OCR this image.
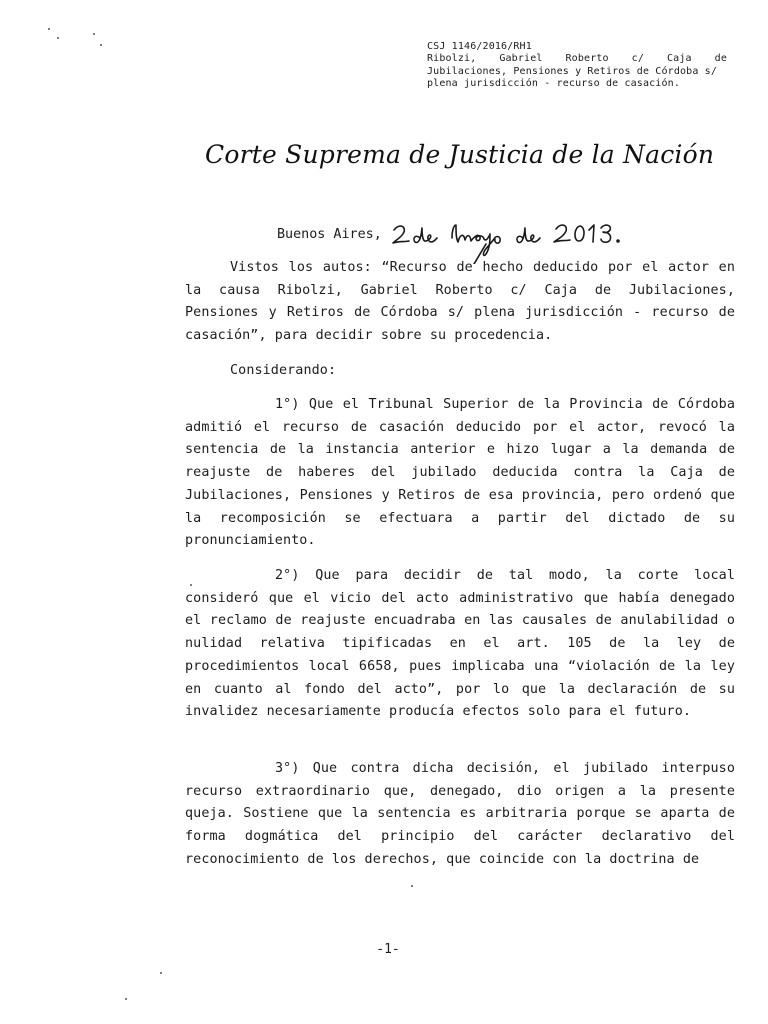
CSJ 1146/2016/RH1
Ribolzi, Gabriel Roberto c/ Caja de
Jubilaciones, Pensiones y Retiros de Córdoba s/
plena jurisdicción - recurso de casación.
Corte Suprema de Justicia de la Nación
Buenos Aires,

Vistos los autos: “Recurso de hecho deducido por el actor en la causa Ribolzi, Gabriel Roberto c/ Caja de Jubilaciones, Pensiones y Retiros de Córdoba s/ plena jurisdicción - recurso de casación”, para decidir sobre su procedencia.

Considerando:

1°) Que el Tribunal Superior de la Provincia de Córdoba admitió el recurso de casación deducido por el actor, revocó la sentencia de la instancia anterior e hizo lugar a la demanda de reajuste de haberes del jubilado deducida contra la Caja de Jubilaciones, Pensiones y Retiros de esa provincia, pero ordenó que la recomposición se efectuara a partir del dictado de su pronunciamiento.

2°) Que para decidir de tal modo, la corte local consideró que el vicio del acto administrativo que había denegado el reclamo de reajuste encuadraba en las causales de anulabilidad o nulidad relativa tipificadas en el art. 105 de la ley de procedimientos local 6658, pues implicaba una “violación de la ley en cuanto al fondo del acto”, por lo que la declaración de su invalidez necesariamente producía efectos solo para el futuro.

3°) Que contra dicha decisión, el jubilado interpuso recurso extraordinario que, denegado, dio origen a la presente queja. Sostiene que la sentencia es arbitraria porque se aparta de forma dogmática del principio del carácter declarativo del reconocimiento de los derechos, que coincide con la doctrina de

-1-
